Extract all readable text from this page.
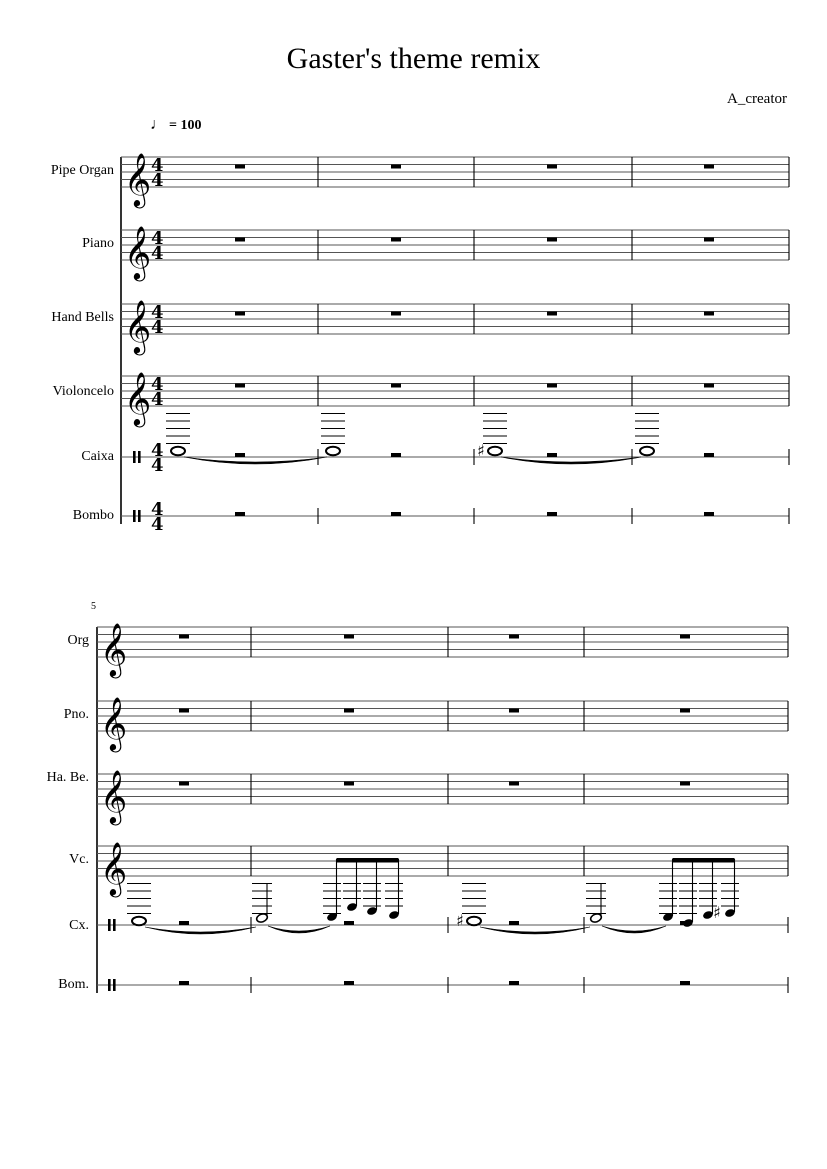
Gaster's theme remix
A_creator
♩ = 100
Pipe Organ
Piano
Hand Bells
Violoncelo
Caixa
Bombo
5
Org
Pno.
Ha. Be.
Vc.
Cx.
Bom.
𝄞 4
4
𝄞 4
4
𝄞 4
4
𝄞 4
4
4
4
4
4
♯
𝄞
𝄞
𝄞
𝄞
♯	♯
